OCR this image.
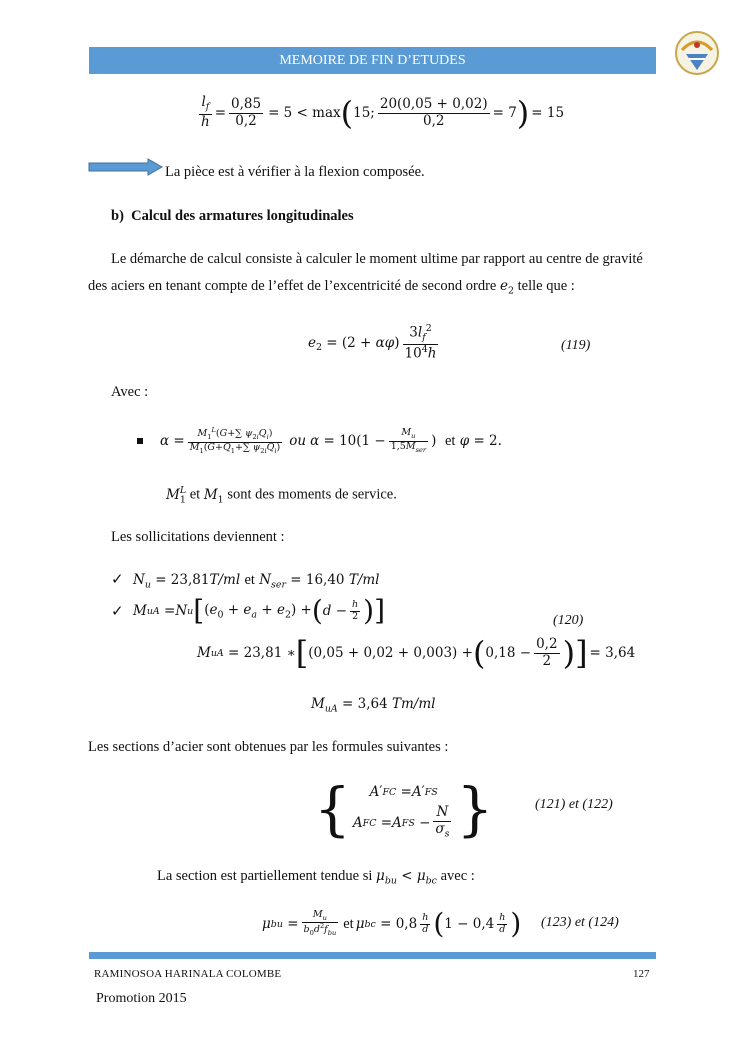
MEMOIRE DE FIN D’ETUDES
$\frac{l_f}{h} = \frac{0,85}{0,2} = 5 < \max$ ( 15; $\frac{20(0,05 + 0,02)}{0,2} = 7$ ) = 15
La pièce est à vérifier à la flexion composée.
b) Calcul des armatures longitudinales
Le démarche de calcul consiste à calculer le moment ultime par rapport au centre de gravité
des aciers en tenant compte de l’effet de l’excentricité de second ordre $e_2$ telle que :
$e_2 = (2 + \alpha\varphi) \frac{3l_f^2}{10^4h}$	(119)
Avec :
$\alpha = \frac{M_1^L(G+\sum \psi_{2i}Q_i)}{M_1(G+Q_1+\sum \psi_{2i}Q_i)}$ ou $\alpha = 10(1 - \frac{M_u}{1,5M_{ser}}$ ) et φ = 2.
$M_1^L$ et $M_1$ sont des moments de service.
Les sollicitations deviennent :
✓ $N_u = 23,81T/ml$ et $N_{ser} = 16,40$ T/ml
✓ M uA = N u [ $(e_0 + e_a + e_2)$ + ( $d - \frac{h}{2}$ )]	(120)
M uA
= 23,81 ∗ [ (0,05 + 0,02 + 0,003) + ( $0,18 - \frac{0,2}{2}$ )] = 3,64
$M_{uA} = 3,64$ Tm/ml
Les sections d’acier sont obtenues par les formules suivantes :
{ A ′ FC = A ′ FS
A FC = A FS − $\frac{N}{\sigma_s}$ }	(121) et (122)
La section est partiellement tendue si $\mu_{bu} < \mu_{bc}$ avec :
μ bu = $\frac{M_u}{b_0d^2f_{bu}}$ et μ bc
= $0,8 \frac{h}{d}$ ( $1 - 0,4 \frac{h}{d}$ ) (123) et (124)
RAMINOSOA HARINALA COLOMBE	127
Promotion 2015
